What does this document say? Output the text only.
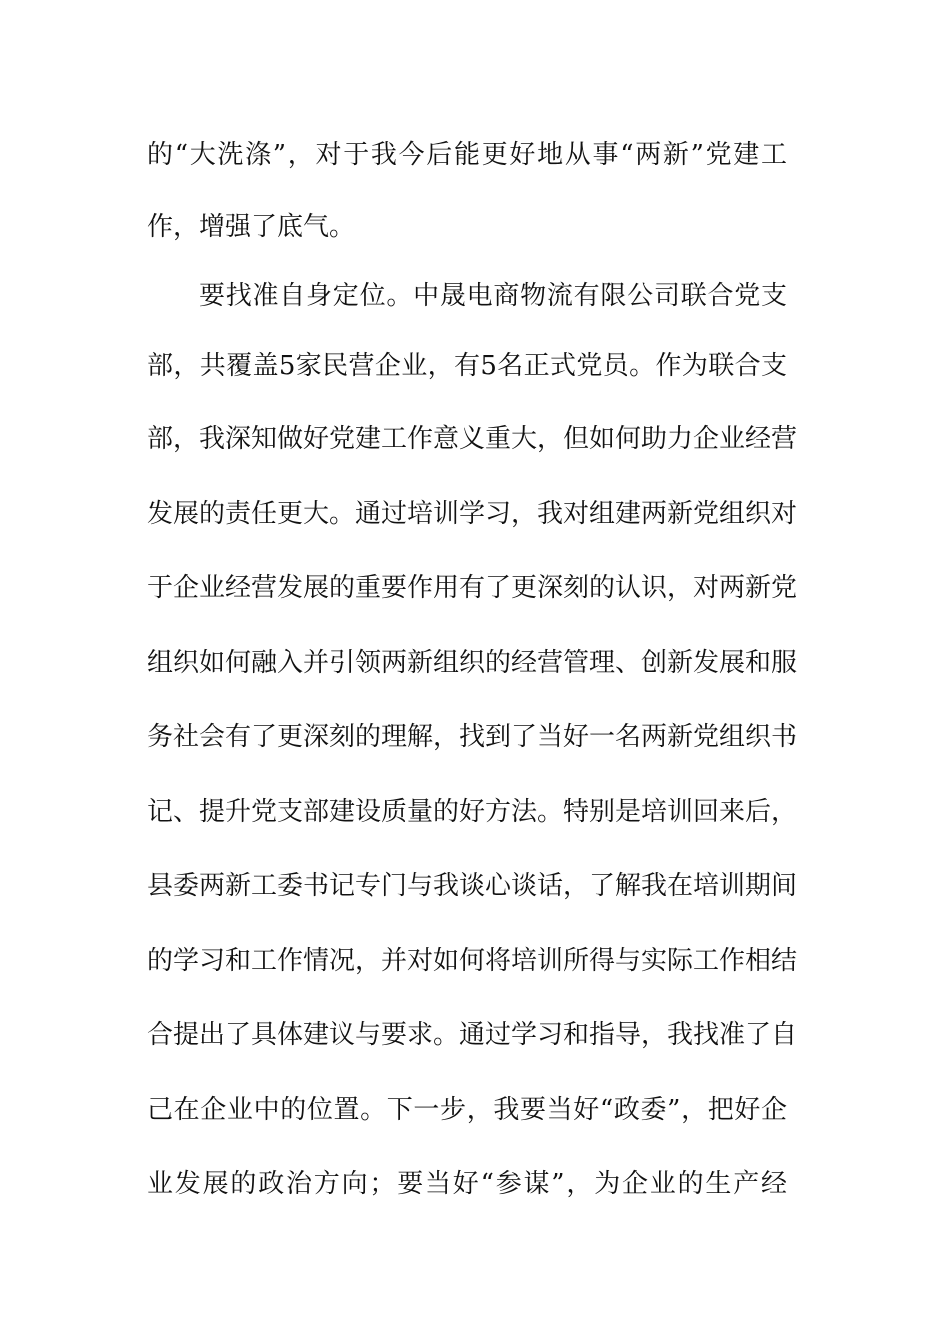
的“大洗涤”，对于我今后能更好地从事“两新”党建工
作，增强了底气。
要找准自身定位。中晟电商物流有限公司联合党支
部，共覆盖5家民营企业，有5名正式党员。作为联合支
部，我深知做好党建工作意义重大，但如何助力企业经营
发展的责任更大。通过培训学习，我对组建两新党组织对
于企业经营发展的重要作用有了更深刻的认识，对两新党
组织如何融入并引领两新组织的经营管理、创新发展和服
务社会有了更深刻的理解，找到了当好一名两新党组织书
记、提升党支部建设质量的好方法。特别是培训回来后，
县委两新工委书记专门与我谈心谈话，了解我在培训期间
的学习和工作情况，并对如何将培训所得与实际工作相结
合提出了具体建议与要求。通过学习和指导，我找准了自
己在企业中的位置。下一步，我要当好“政委”，把好企
业发展的政治方向；要当好“参谋”，为企业的生产经
